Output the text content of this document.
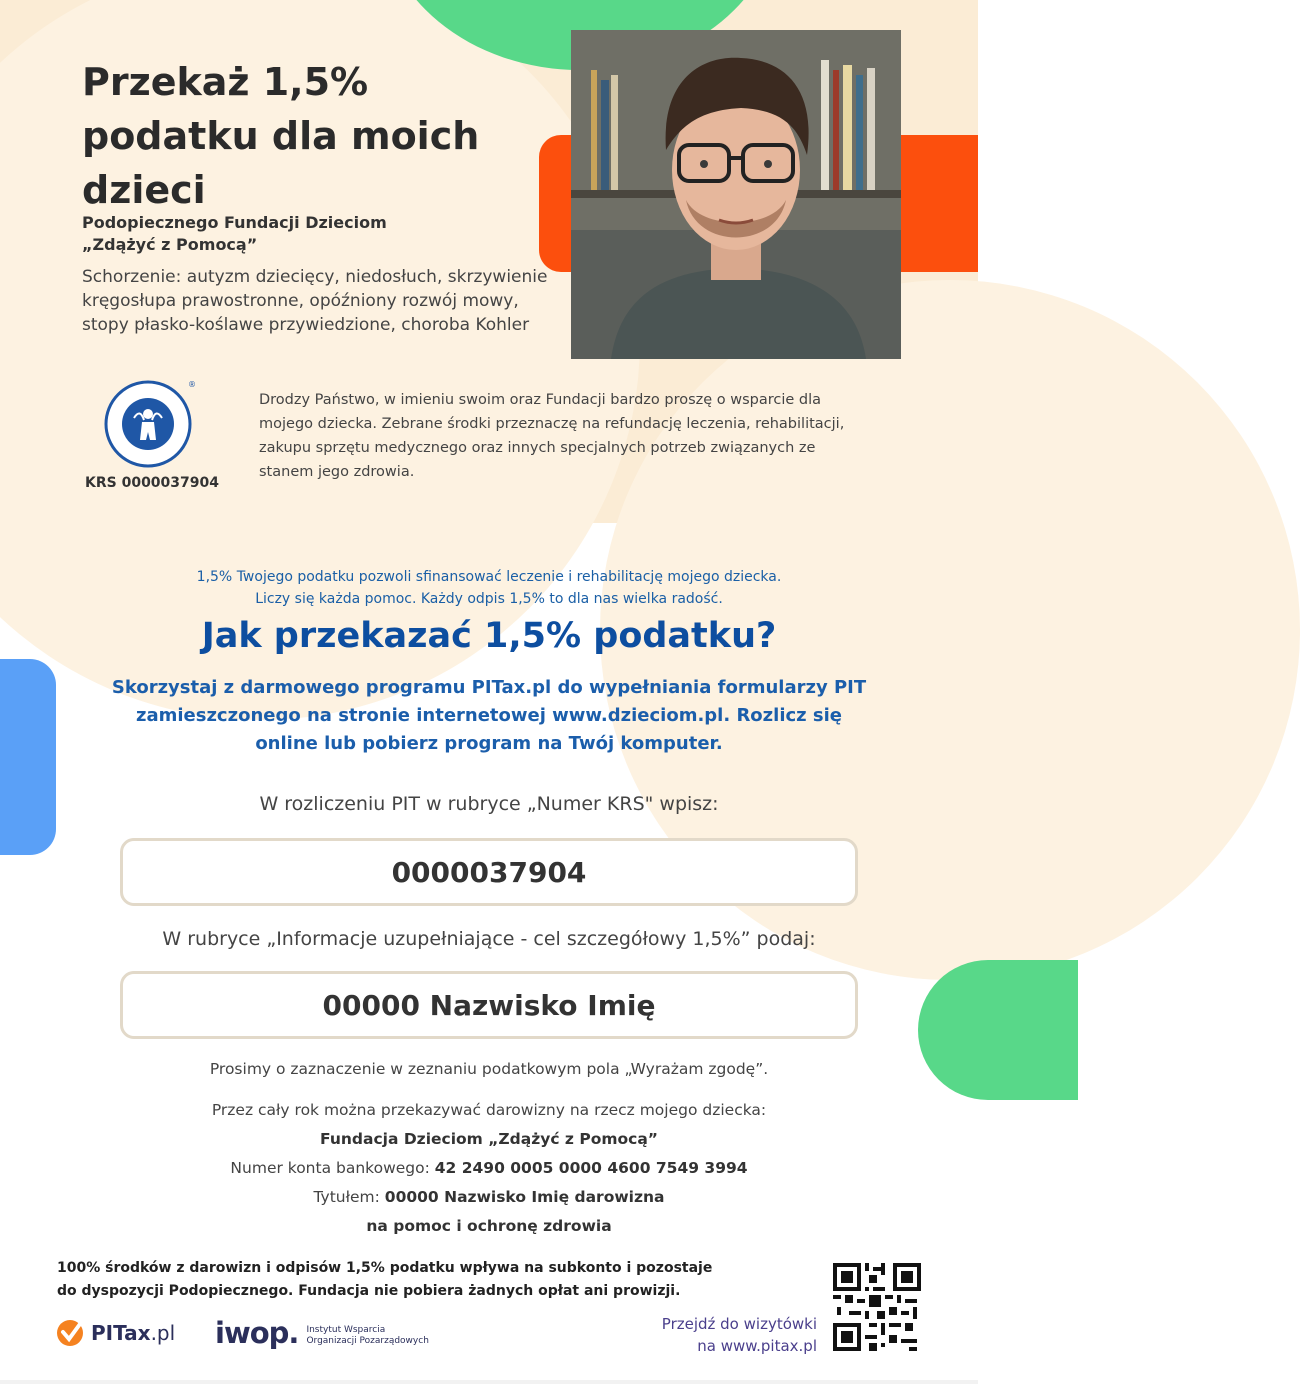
Przekaż 1,5% podatku dla moich dzieci
Podopiecznego Fundacji Dzieciom
„Zdążyć z Pomocą”
Schorzenie: autyzm dziecięcy, niedosłuch, skrzywienie kręgosłupa prawostronne, opóźniony rozwój mowy, stopy płasko-koślawe przywiedzione, choroba Kohler
®
KRS 0000037904
Drodzy Państwo, w imieniu swoim oraz Fundacji bardzo proszę o wsparcie dla mojego dziecka. Zebrane środki przeznaczę na refundację leczenia, rehabilitacji, zakupu sprzętu medycznego oraz innych specjalnych potrzeb związanych ze stanem jego zdrowia.
1,5% Twojego podatku pozwoli sfinansować leczenie i rehabilitację mojego dziecka.
Liczy się każda pomoc. Każdy odpis 1,5% to dla nas wielka radość.
Jak przekazać 1,5% podatku?
Skorzystaj z darmowego programu PITax.pl do wypełniania formularzy PIT zamieszczonego na stronie internetowej www.dzieciom.pl. Rozlicz się online lub pobierz program na Twój komputer.
W rozliczeniu PIT w rubryce „Numer KRS" wpisz:
0000037904
W rubryce „Informacje uzupełniające - cel szczegółowy 1,5%” podaj:
00000 Nazwisko Imię
Prosimy o zaznaczenie w zeznaniu podatkowym pola „Wyrażam zgodę”.
Przez cały rok można przekazywać darowizny na rzecz mojego dziecka:
Fundacja Dzieciom „Zdążyć z Pomocą”
Numer konta bankowego: 42 2490 0005 0000 4600 7549 3994
Tytułem: 00000 Nazwisko Imię darowizna
na pomoc i ochronę zdrowia
100% środków z darowizn i odpisów 1,5% podatku wpływa na subkonto i pozostaje
do dyspozycji Podopiecznego. Fundacja nie pobiera żadnych opłat ani prowizji.
PITax.pl iwop. Instytut Wsparcia
Organizacji Pozarządowych
Przejdź do wizytówki
na www.pitax.pl
